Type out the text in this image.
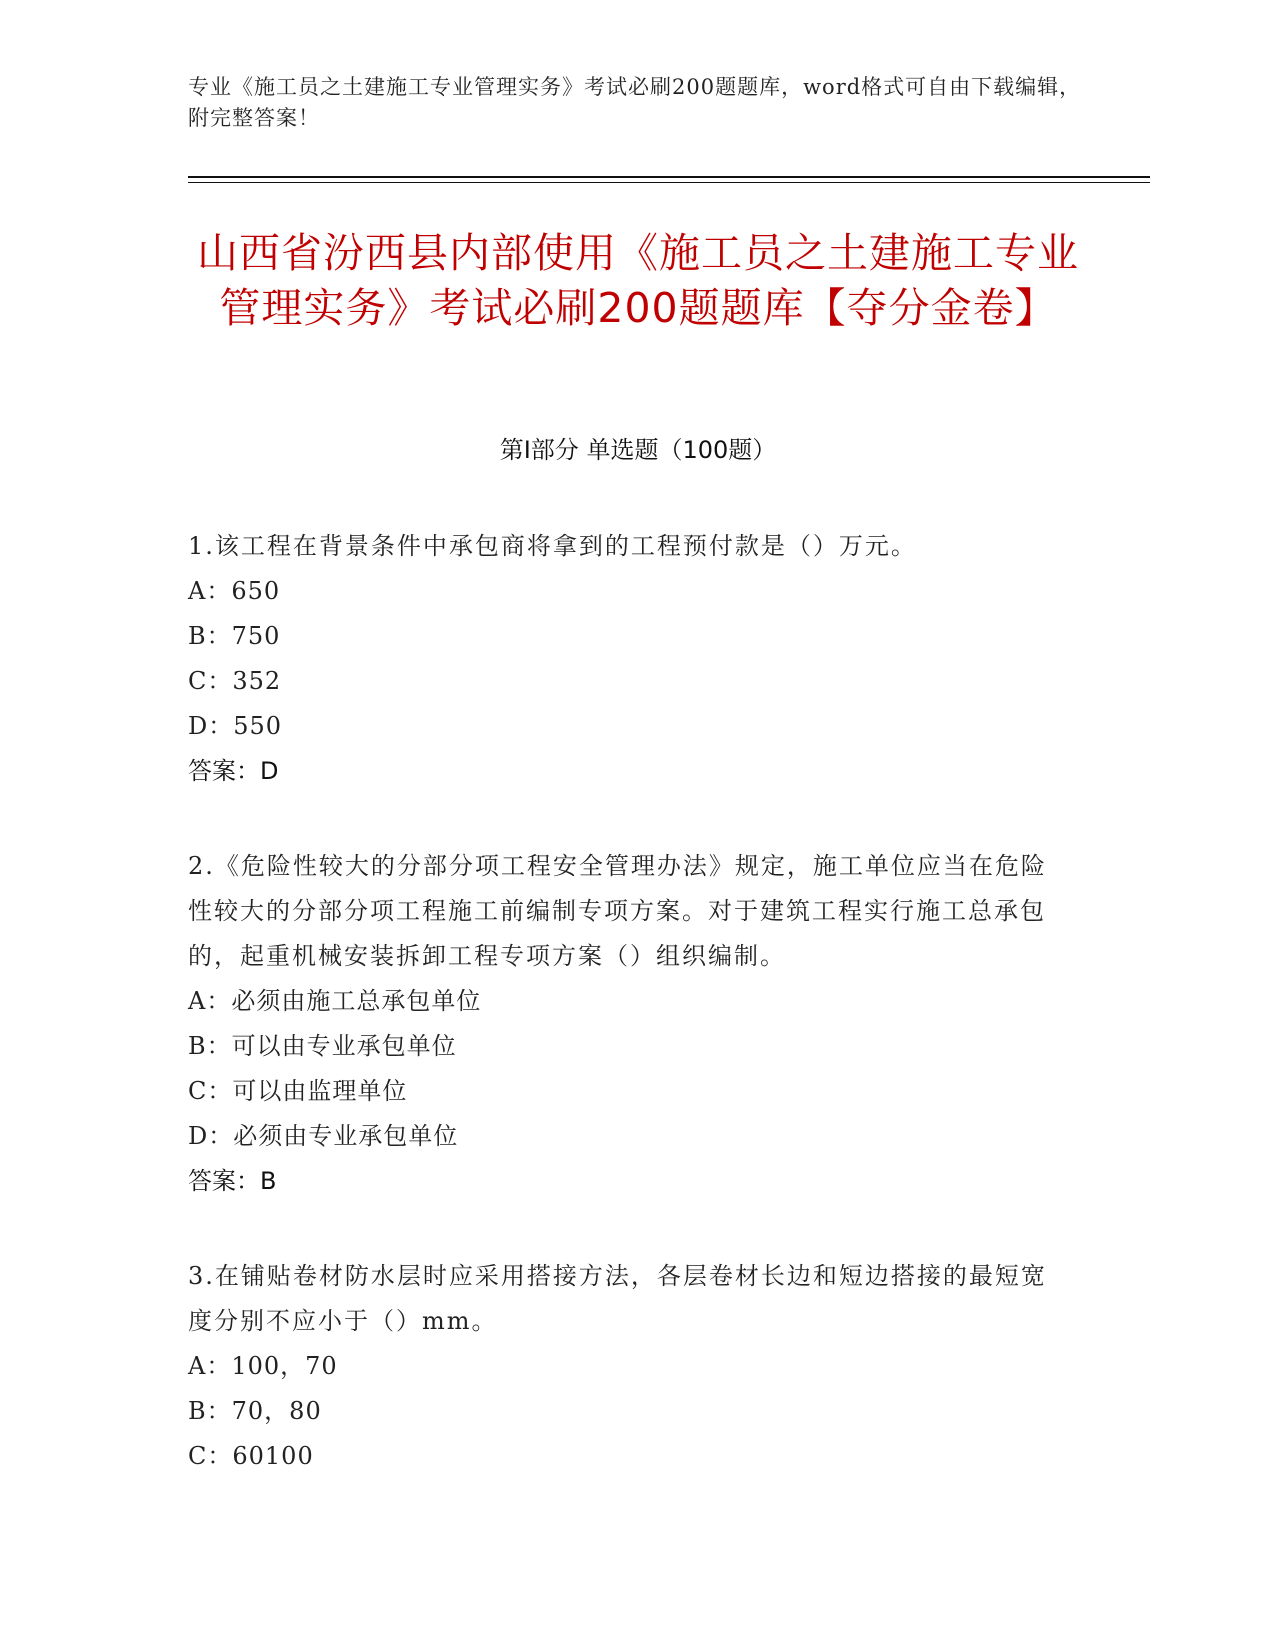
专业《施工员之土建施工专业管理实务》考试必刷200题题库，word格式可自由下载编辑，附完整答案！
山西省汾西县内部使用《施工员之土建施工专业管理实务》考试必刷200题题库【夺分金卷】
第Ⅰ部分 单选题（100题）
1.该工程在背景条件中承包商将拿到的工程预付款是（）万元。
A：650
B：750
C：352
D：550
答案：D
2.《危险性较大的分部分项工程安全管理办法》规定，施工单位应当在危险性较大的分部分项工程施工前编制专项方案。对于建筑工程实行施工总承包的，起重机械安装拆卸工程专项方案（）组织编制。
A：必须由施工总承包单位
B：可以由专业承包单位
C：可以由监理单位
D：必须由专业承包单位
答案：B
3.在铺贴卷材防水层时应采用搭接方法，各层卷材长边和短边搭接的最短宽度分别不应小于（）mm。
A：100，70
B：70，80
C：60100
